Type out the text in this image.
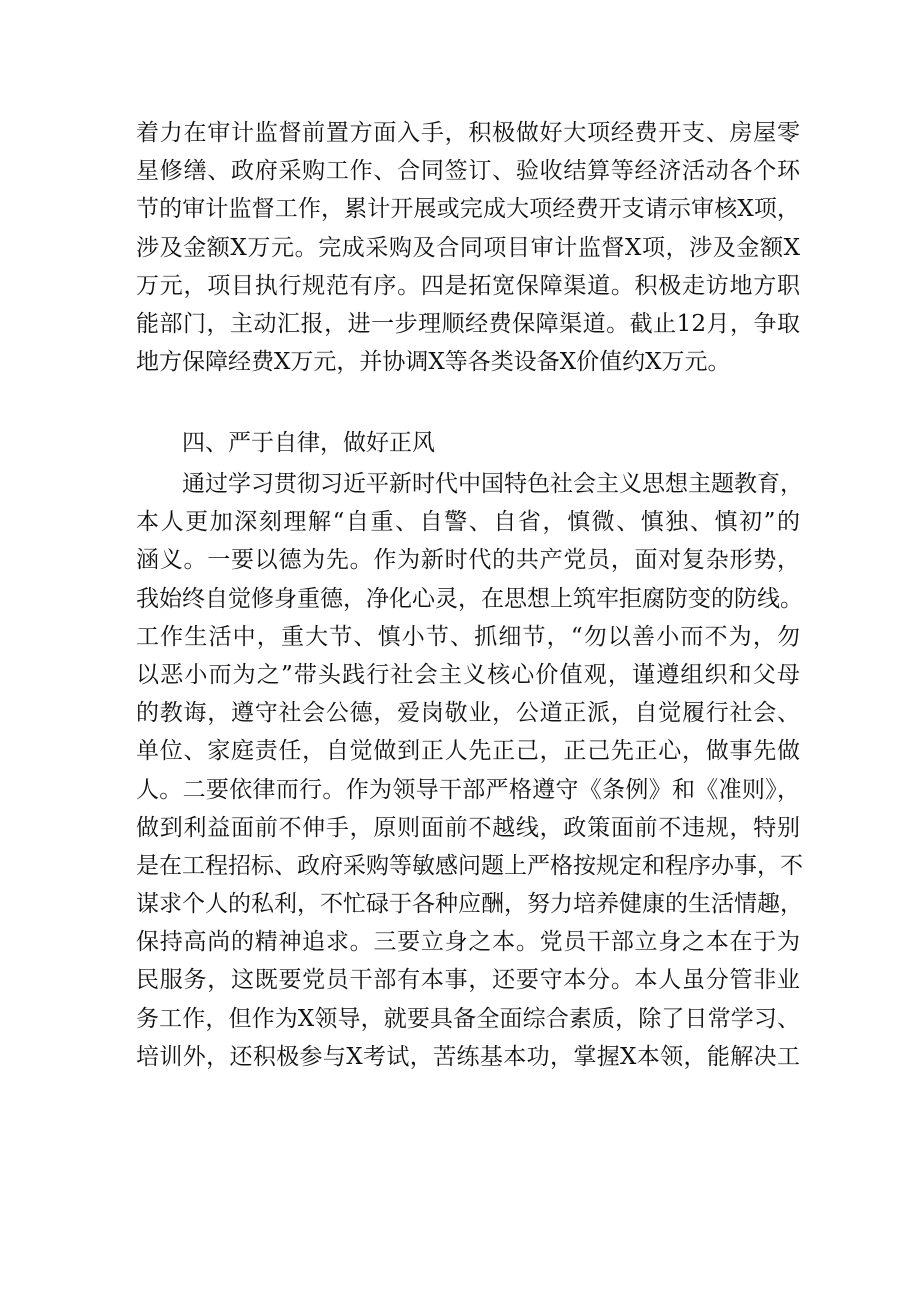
着力在审计监督前置方面入手，积极做好大项经费开支、房屋零
星修缮、政府采购工作、合同签订、验收结算等经济活动各个环
节的审计监督工作，累计开展或完成大项经费开支请示审核X项，
涉及金额X万元。完成采购及合同项目审计监督X项，涉及金额X
万元，项目执行规范有序。四是拓宽保障渠道。积极走访地方职
能部门，主动汇报，进一步理顺经费保障渠道。截止12月，争取
地方保障经费X万元，并协调X等各类设备X价值约X万元。
四、严于自律，做好正风
　　通过学习贯彻习近平新时代中国特色社会主义思想主题教育，
本人更加深刻理解“自重、自警、自省，慎微、慎独、慎初”的
涵义。一要以德为先。作为新时代的共产党员，面对复杂形势，
我始终自觉修身重德，净化心灵，在思想上筑牢拒腐防变的防线。
工作生活中，重大节、慎小节、抓细节，“勿以善小而不为，勿
以恶小而为之”带头践行社会主义核心价值观，谨遵组织和父母
的教诲，遵守社会公德，爱岗敬业，公道正派，自觉履行社会、
单位、家庭责任，自觉做到正人先正己，正己先正心，做事先做
人。二要依律而行。作为领导干部严格遵守《条例》和《准则》，
做到利益面前不伸手，原则面前不越线，政策面前不违规，特别
是在工程招标、政府采购等敏感问题上严格按规定和程序办事，不
谋求个人的私利，不忙碌于各种应酬，努力培养健康的生活情趣，
保持高尚的精神追求。三要立身之本。党员干部立身之本在于为
民服务，这既要党员干部有本事，还要守本分。本人虽分管非业
务工作，但作为X领导，就要具备全面综合素质，除了日常学习、
培训外，还积极参与X考试，苦练基本功，掌握X本领，能解决工
